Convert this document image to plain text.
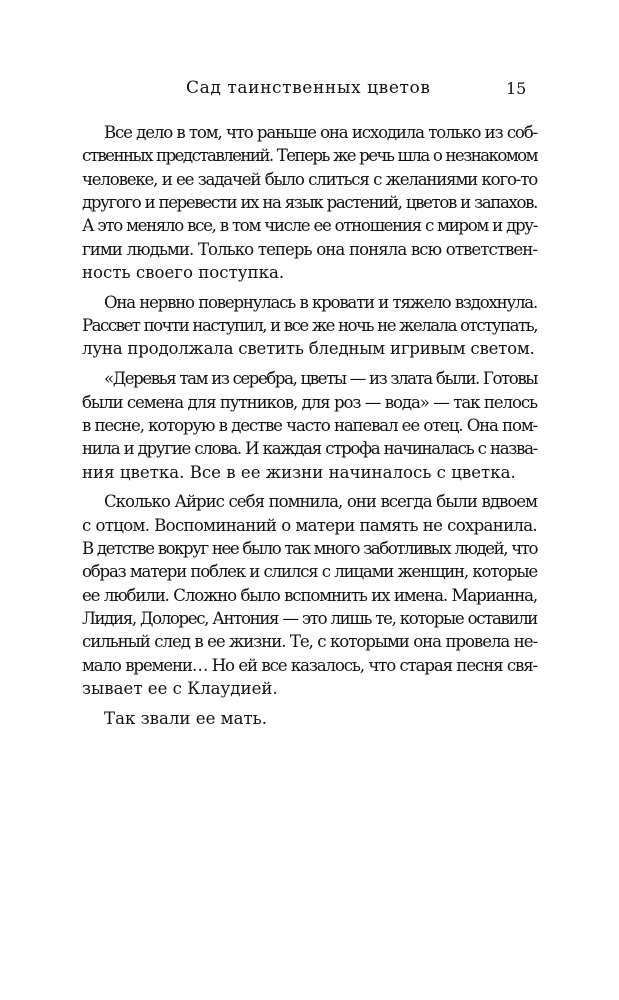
Сад таинственных цветов	15
Все дело в том, что раньше она исходила только из соб-
ственных представлений. Теперь же речь шла о незнакомом
человеке, и ее задачей было слиться с желаниями кого-то
другого и перевести их на язык растений, цветов и запахов.
А это меняло все, в том числе ее отношения с миром и дру-
гими людьми. Только теперь она поняла всю ответствен-
ность своего поступка.
Она нервно повернулась в кровати и тяжело вздохнула.
Рассвет почти наступил, и все же ночь не желала отступать,
луна продолжала светить бледным игривым светом.
«Деревья там из серебра, цветы — из злата были. Готовы
были семена для путников, для роз — вода» — так пелось
в песне, которую в дестве часто напевал ее отец. Она пом-
нила и другие слова. И каждая строфа начиналась с назва-
ния цветка. Все в ее жизни начиналось с цветка.
Сколько Айрис себя помнила, они всегда были вдвоем
с отцом. Воспоминаний о матери память не сохранила.
В детстве вокруг нее было так много заботливых людей, что
образ матери поблек и слился с лицами женщин, которые
ее любили. Сложно было вспомнить их имена. Марианна,
Лидия, Долорес, Антония — это лишь те, которые оставили
сильный след в ее жизни. Те, с которыми она провела не-
мало времени… Но ей все казалось, что старая песня свя-
зывает ее с Клаудией.
Так звали ее мать.
